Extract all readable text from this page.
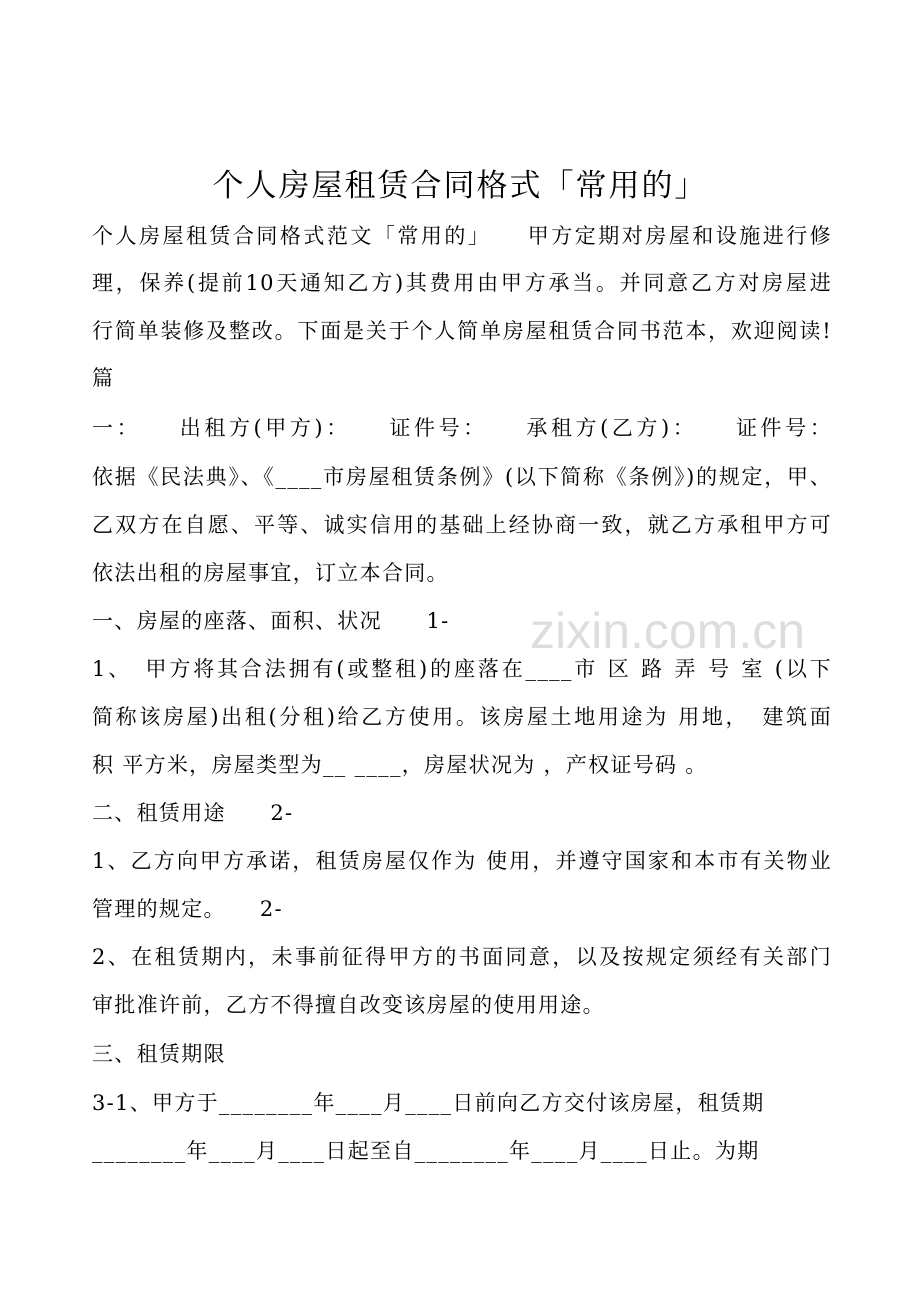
个人房屋租赁合同格式「常用的」
个人房屋租赁合同格式范文「常用的」　　甲方定期对房屋和设施进行修
理，保养(提前10天通知乙方)其费用由甲方承当。并同意乙方对房屋进
行简单装修及整改。下面是关于个人简单房屋租赁合同书范本，欢迎阅读!
篇
一：　　出租方(甲方)：　　证件号：　　承租方(乙方)：　　证件号：
依据《民法典》、《____市房屋租赁条例》(以下简称《条例》)的规定，甲、
乙双方在自愿、平等、诚实信用的基础上经协商一致，就乙方承租甲方可
依法出租的房屋事宜，订立本合同。
一、房屋的座落、面积、状况　　1-
1、　甲方将其合法拥有(或整租)的座落在____市 区 路 弄 号 室 (以下
简称该房屋)出租(分租)给乙方使用。该房屋土地用途为 用地，　建筑面
积 平方米，房屋类型为__ ____，房屋状况为 ，产权证号码 。
二、租赁用途　　2-
1、乙方向甲方承诺，租赁房屋仅作为 使用，并遵守国家和本市有关物业
管理的规定。　　2-
2、在租赁期内，未事前征得甲方的书面同意，以及按规定须经有关部门
审批准许前，乙方不得擅自改变该房屋的使用用途。
三、租赁期限
3-1、甲方于________年____月____日前向乙方交付该房屋，租赁期
________年____月____日起至自________年____月____日止。为期
zixin.com.cn
